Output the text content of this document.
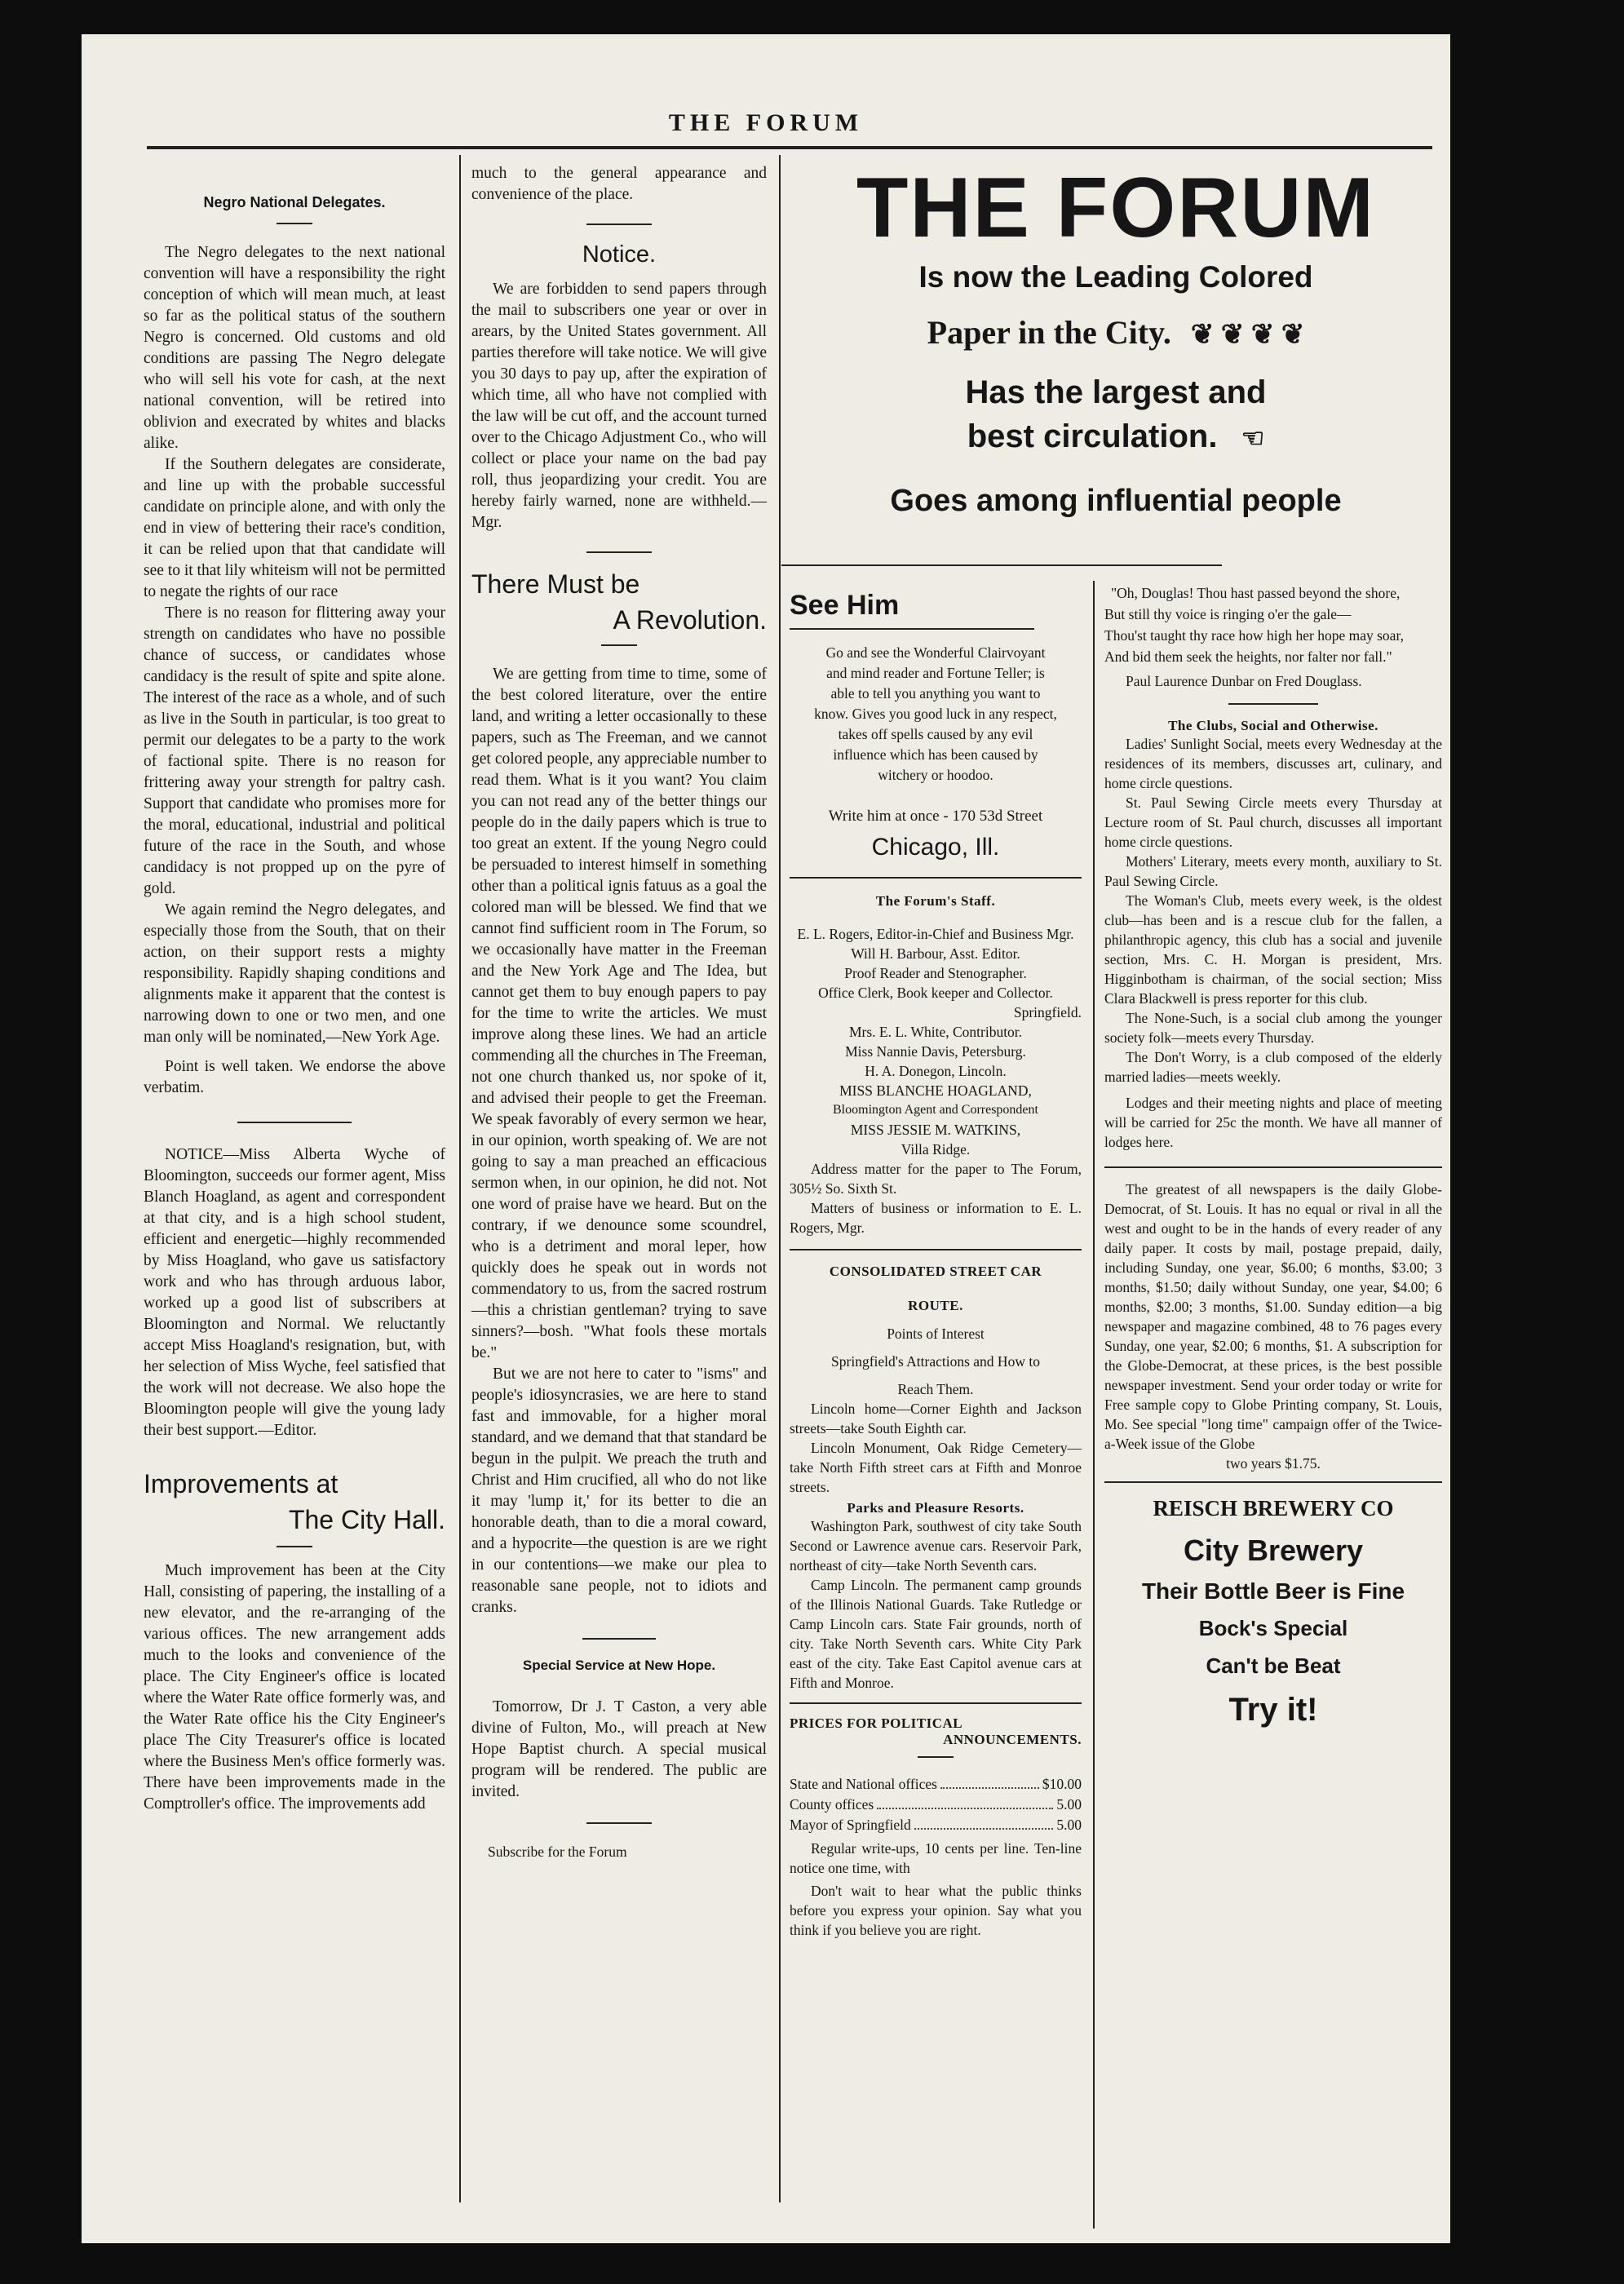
THE FORUM

Negro National Delegates.

The Negro delegates to the next national convention will have a responsibility the right conception of which will mean much, at least so far as the political status of the southern Negro is concerned. Old customs and old conditions are passing The Negro delegate who will sell his vote for cash, at the next national convention, will be retired into oblivion and execrated by whites and blacks alike.

If the Southern delegates are considerate, and line up with the probable successful candidate on principle alone, and with only the end in view of bettering their race's condition, it can be relied upon that that candidate will see to it that lily whiteism will not be permitted to negate the rights of our race

There is no reason for flittering away your strength on candidates who have no possible chance of success, or candidates whose candidacy is the result of spite and spite alone. The interest of the race as a whole, and of such as live in the South in particular, is too great to permit our delegates to be a party to the work of factional spite. There is no reason for frittering away your strength for paltry cash. Support that candidate who promises more for the moral, educational, industrial and political future of the race in the South, and whose candidacy is not propped up on the pyre of gold.

We again remind the Negro delegates, and especially those from the South, that on their action, on their support rests a mighty responsibility. Rapidly shaping conditions and alignments make it apparent that the contest is narrowing down to one or two men, and one man only will be nominated,—New York Age.

Point is well taken. We endorse the above verbatim.

NOTICE—Miss Alberta Wyche of Bloomington, succeeds our former agent, Miss Blanch Hoagland, as agent and correspondent at that city, and is a high school student, efficient and energetic—highly recommended by Miss Hoagland, who gave us satisfactory work and who has through arduous labor, worked up a good list of subscribers at Bloomington and Normal. We reluctantly accept Miss Hoagland's resignation, but, with her selection of Miss Wyche, feel satisfied that the work will not decrease. We also hope the Bloomington people will give the young lady their best support.—Editor.

Improvements at

The City Hall.

Much improvement has been at the City Hall, consisting of papering, the installing of a new elevator, and the re-arranging of the various offices. The new arrangement adds much to the looks and convenience of the place. The City Engineer's office is located where the Water Rate office formerly was, and the Water Rate office his the City Engineer's place The City Treasurer's office is located where the Business Men's office formerly was. There have been improvements made in the Comptroller's office. The improvements add

much to the general appearance and convenience of the place.

Notice.

We are forbidden to send papers through the mail to subscribers one year or over in arears, by the United States government. All parties therefore will take notice. We will give you 30 days to pay up, after the expiration of which time, all who have not complied with the law will be cut off, and the account turned over to the Chicago Adjustment Co., who will collect or place your name on the bad pay roll, thus jeopardizing your credit. You are hereby fairly warned, none are withheld.—Mgr.

There Must be

A Revolution.

We are getting from time to time, some of the best colored literature, over the entire land, and writing a letter occasionally to these papers, such as The Freeman, and we cannot get colored people, any appreciable number to read them. What is it you want? You claim you can not read any of the better things our people do in the daily papers which is true to too great an extent. If the young Negro could be persuaded to interest himself in something other than a political ignis fatuus as a goal the colored man will be blessed. We find that we cannot find sufficient room in The Forum, so we occasionally have matter in the Freeman and the New York Age and The Idea, but cannot get them to buy enough papers to pay for the time to write the articles. We must improve along these lines. We had an article commending all the churches in The Freeman, not one church thanked us, nor spoke of it, and advised their people to get the Freeman. We speak favorably of every sermon we hear, in our opinion, worth speaking of. We are not going to say a man preached an efficacious sermon when, in our opinion, he did not. Not one word of praise have we heard. But on the contrary, if we denounce some scoundrel, who is a detriment and moral leper, how quickly does he speak out in words not commendatory to us, from the sacred rostrum—this a christian gentleman? trying to save sinners?—bosh. "What fools these mortals be."

But we are not here to cater to "isms" and people's idiosyncrasies, we are here to stand fast and immovable, for a higher moral standard, and we demand that that standard be begun in the pulpit. We preach the truth and Christ and Him crucified, all who do not like it may 'lump it,' for its better to die an honorable death, than to die a moral coward, and a hypocrite—the question is are we right in our contentions—we make our plea to reasonable sane people, not to idiots and cranks.

Special Service at New Hope.

Tomorrow, Dr J. T Caston, a very able divine of Fulton, Mo., will preach at New Hope Baptist church. A special musical program will be rendered. The public are invited.

Subscribe for the Forum

THE FORUM

Is now the Leading Colored

Paper in the City. ❦ ❦ ❦ ❦

Has the largest and

best circulation. ☜

Goes among influential people

See Him

Go and see the Wonderful Clairvoyant and mind reader and Fortune Teller; is able to tell you anything you want to know. Gives you good luck in any respect, takes off spells caused by any evil influence which has been caused by witchery or hoodoo.

Write him at once - 170 53d Street

Chicago, Ill.

The Forum's Staff.

E. L. Rogers, Editor-in-Chief and Business Mgr.

Will H. Barbour, Asst. Editor.

Proof Reader and Stenographer.

Office Clerk, Book keeper and Collector.

Springfield.

Mrs. E. L. White, Contributor.

Miss Nannie Davis, Petersburg.

H. A. Donegon, Lincoln.

MISS BLANCHE HOAGLAND,

Bloomington Agent and Correspondent

MISS JESSIE M. WATKINS,

Villa Ridge.

Address matter for the paper to The Forum, 305½ So. Sixth St.

Matters of business or information to E. L. Rogers, Mgr.

CONSOLIDATED STREET CAR

ROUTE.

Points of Interest

Springfield's Attractions and How to

Reach Them.

Lincoln home—Corner Eighth and Jackson streets—take South Eighth car.

Lincoln Monument, Oak Ridge Cemetery—take North Fifth street cars at Fifth and Monroe streets.

Parks and Pleasure Resorts.

Washington Park, southwest of city take South Second or Lawrence avenue cars. Reservoir Park, northeast of city—take North Seventh cars.

Camp Lincoln. The permanent camp grounds of the Illinois National Guards. Take Rutledge or Camp Lincoln cars. State Fair grounds, north of city. Take North Seventh cars. White City Park east of the city. Take East Capitol avenue cars at Fifth and Monroe.

PRICES FOR POLITICAL

ANNOUNCEMENTS.

State and National offices	$10.00
County offices	5.00
Mayor of Springfield	5.00

Regular write-ups, 10 cents per line. Ten-line notice one time, with

Don't wait to hear what the public thinks before you express your opinion. Say what you think if you believe you are right.

"Oh, Douglas! Thou hast passed beyond the shore,

But still thy voice is ringing o'er the gale—

Thou'st taught thy race how high her hope may soar,

And bid them seek the heights, nor falter nor fall."

Paul Laurence Dunbar on Fred Douglass.

The Clubs, Social and Otherwise.

Ladies' Sunlight Social, meets every Wednesday at the residences of its members, discusses art, culinary, and home circle questions.

St. Paul Sewing Circle meets every Thursday at Lecture room of St. Paul church, discusses all important home circle questions.

Mothers' Literary, meets every month, auxiliary to St. Paul Sewing Circle.

The Woman's Club, meets every week, is the oldest club—has been and is a rescue club for the fallen, a philanthropic agency, this club has a social and juvenile section, Mrs. C. H. Morgan is president, Mrs. Higginbotham is chairman, of the social section; Miss Clara Blackwell is press reporter for this club.

The None-Such, is a social club among the younger society folk—meets every Thursday.

The Don't Worry, is a club composed of the elderly married ladies—meets weekly.

Lodges and their meeting nights and place of meeting will be carried for 25c the month. We have all manner of lodges here.

The greatest of all newspapers is the daily Globe-Democrat, of St. Louis. It has no equal or rival in all the west and ought to be in the hands of every reader of any daily paper. It costs by mail, postage prepaid, daily, including Sunday, one year, $6.00; 6 months, $3.00; 3 months, $1.50; daily without Sunday, one year, $4.00; 6 months, $2.00; 3 months, $1.00. Sunday edition—a big newspaper and magazine combined, 48 to 76 pages every Sunday, one year, $2.00; 6 months, $1. A subscription for the Globe-Democrat, at these prices, is the best possible newspaper investment. Send your order today or write for Free sample copy to Globe Printing company, St. Louis, Mo. See special "long time" campaign offer of the Twice-a-Week issue of the Globe

two years $1.75.

REISCH BREWERY CO

City Brewery

Their Bottle Beer is Fine

Bock's Special

Can't be Beat

Try it!
